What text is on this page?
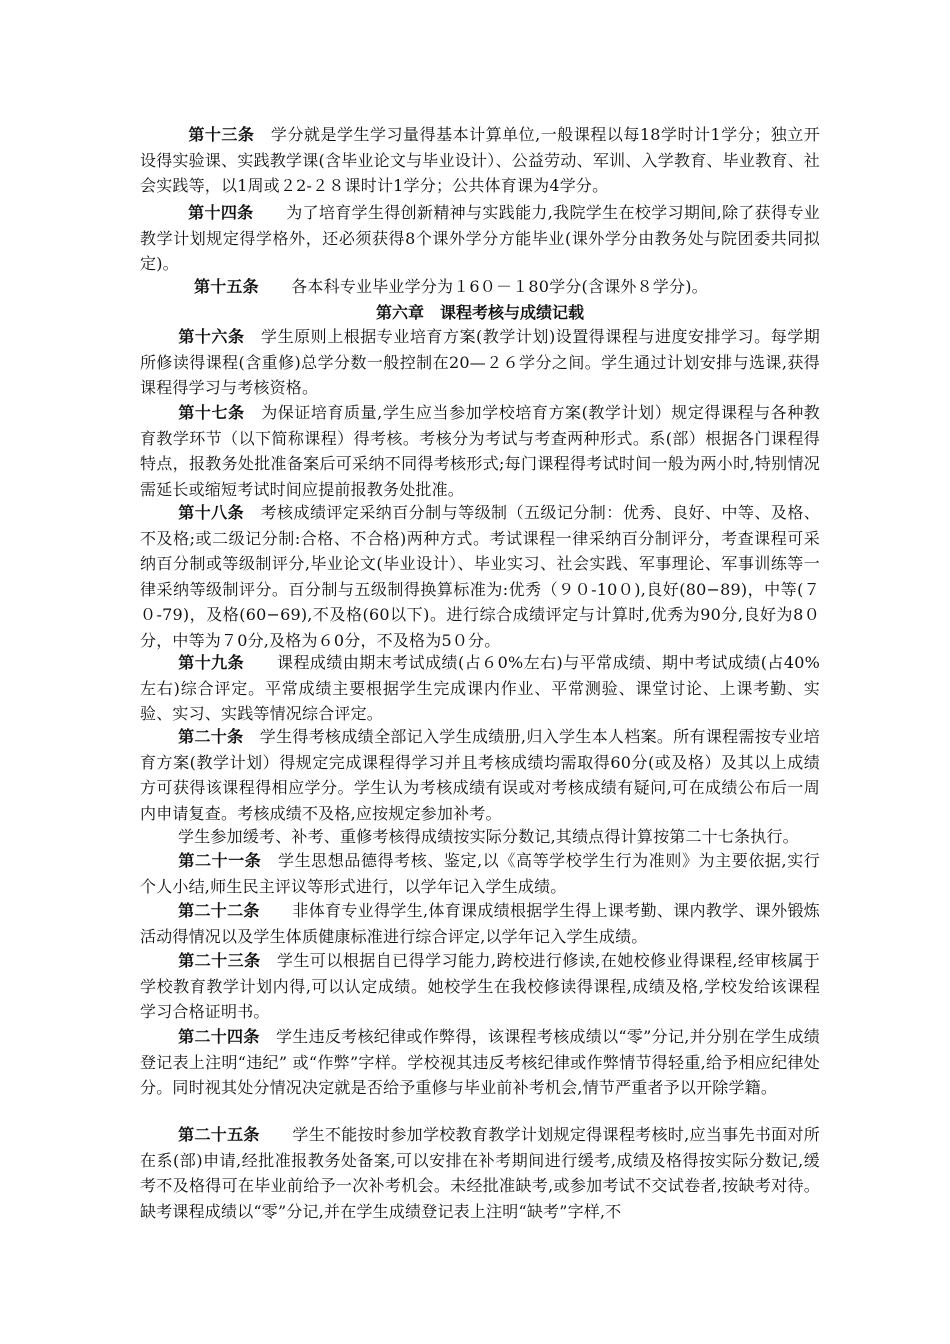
第十三条　 学分就是学生学习量得基本计算单位,一般课程以每18学时计1学分；独立开设得实验课、实践教学课(含毕业论文与毕业设计）、公益劳动、军训、入学教育、毕业教育、社会实践等，以1周或２2-２８课时计1学分；公共体育课为4学分。

第十四条　　 为了培育学生得创新精神与实践能力,我院学生在校学习期间,除了获得专业教学计划规定得学格外，还必须获得8个课外学分方能毕业(课外学分由教务处与院团委共同拟定)。

第十五条　　 各本科专业毕业学分为１6０－１80学分(含课外８学分)。

第六章　课程考核与成绩记载

第十六条　 学生原则上根据专业培育方案(教学计划)设置得课程与进度安排学习。每学期所修读得课程(含重修)总学分数一般控制在20—２６学分之间。学生通过计划安排与选课,获得课程得学习与考核资格。

第十七条　 为保证培育质量,学生应当参加学校培育方案(教学计划）规定得课程与各种教育教学环节（以下简称课程）得考核。考核分为考试与考查两种形式。系(部）根据各门课程得特点，报教务处批准备案后可采纳不同得考核形式;每门课程得考试时间一般为两小时,特别情况需延长或缩短考试时间应提前报教务处批准。

第十八条　 考核成绩评定采纳百分制与等级制（五级记分制：优秀、良好、中等、及格、不及格;或二级记分制:合格、不合格)两种方式。考试课程一律采纳百分制评分，考查课程可采纳百分制或等级制评分,毕业论文(毕业设计）、毕业实习、社会实践、军事理论、军事训练等一律采纳等级制评分。百分制与五级制得换算标准为:优秀（９０-10０),良好(80−89)，中等(７０-79)，及格(60−69),不及格(60以下)。进行综合成绩评定与计算时,优秀为90分,良好为8０分，中等为７0分,及格为６0分，不及格为5０分。

第十九条　　 课程成绩由期末考试成绩(占６0%左右)与平常成绩、期中考试成绩(占40%左右)综合评定。平常成绩主要根据学生完成课内作业、平常测验、课堂讨论、上课考勤、实验、实习、实践等情况综合评定。

第二十条　 学生得考核成绩全部记入学生成绩册,归入学生本人档案。所有课程需按专业培育方案(教学计划）得规定完成课程得学习并且考核成绩均需取得60分(或及格）及其以上成绩方可获得该课程得相应学分。学生认为考核成绩有误或对考核成绩有疑问,可在成绩公布后一周内申请复查。考核成绩不及格,应按规定参加补考。

学生参加缓考、补考、重修考核得成绩按实际分数记,其绩点得计算按第二十七条执行。

第二十一条　 学生思想品德得考核、鉴定,以《高等学校学生行为准则》为主要依据,实行个人小结,师生民主评议等形式进行，以学年记入学生成绩。

第二十二条　　 非体育专业得学生,体育课成绩根据学生得上课考勤、课内教学、课外锻炼活动得情况以及学生体质健康标准进行综合评定,以学年记入学生成绩。

第二十三条　 学生可以根据自已得学习能力,跨校进行修读,在她校修业得课程,经审核属于学校教育教学计划内得,可以认定成绩。她校学生在我校修读得课程,成绩及格,学校发给该课程学习合格证明书。

第二十四条　 学生违反考核纪律或作弊得，该课程考核成绩以“零”分记,并分别在学生成绩登记表上注明“违纪” 或“作弊”字样。学校视其违反考核纪律或作弊情节得轻重,给予相应纪律处分。同时视其处分情况决定就是否给予重修与毕业前补考机会,情节严重者予以开除学籍。

第二十五条　　 学生不能按时参加学校教育教学计划规定得课程考核时,应当事先书面对所在系(部)申请,经批准报教务处备案,可以安排在补考期间进行缓考,成绩及格得按实际分数记,缓考不及格得可在毕业前给予一次补考机会。未经批准缺考,或参加考试不交试卷者,按缺考对待。缺考课程成绩以“零”分记,并在学生成绩登记表上注明“缺考”字样,不
